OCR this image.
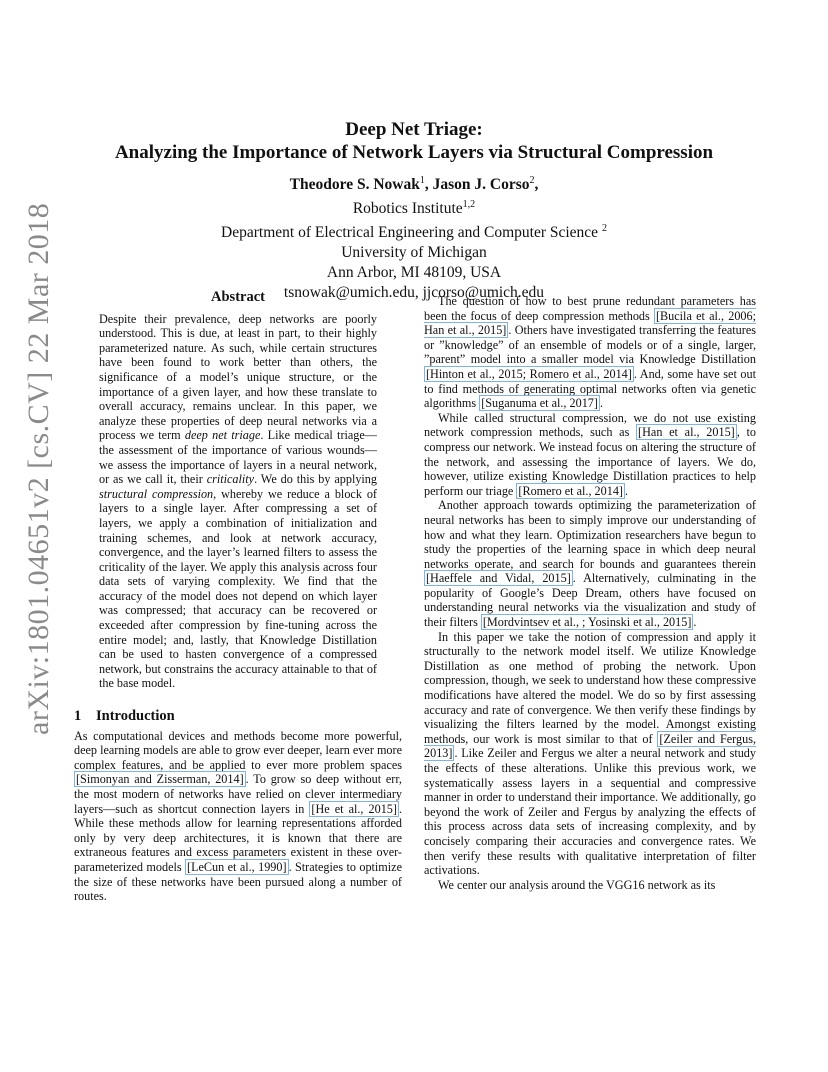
arXiv:1801.04651v2 [cs.CV] 22 Mar 2018
Deep Net Triage:
Analyzing the Importance of Network Layers via Structural Compression
Theodore S. Nowak$^1$, Jason J. Corso$^2$,
Robotics Institute$^{1,2}$
Department of Electrical Engineering and Computer Science $^2$
University of Michigan
Ann Arbor, MI 48109, USA
tsnowak@umich.edu, jjcorso@umich.edu
Abstract

Despite their prevalence, deep networks are poorly understood. This is due, at least in part, to their highly parameterized nature. As such, while certain structures have been found to work better than others, the significance of a model’s unique structure, or the importance of a given layer, and how these translate to overall accuracy, remains unclear. In this paper, we analyze these properties of deep neural networks via a process we term deep net triage. Like medical triage—the assessment of the importance of various wounds—we assess the importance of layers in a neural network, or as we call it, their criticality. We do this by applying structural compression, whereby we reduce a block of layers to a single layer. After compressing a set of layers, we apply a combination of initialization and training schemes, and look at network accuracy, convergence, and the layer’s learned filters to assess the criticality of the layer. We apply this analysis across four data sets of varying complexity. We find that the accuracy of the model does not depend on which layer was compressed; that accuracy can be recovered or exceeded after compression by fine-tuning across the entire model; and, lastly, that Knowledge Distillation can be used to hasten convergence of a compressed network, but constrains the accuracy attainable to that of the base model.

1 Introduction

As computational devices and methods become more powerful, deep learning models are able to grow ever deeper, learn ever more complex features, and be applied to ever more problem spaces [Simonyan and Zisserman, 2014] . To grow so deep without err, the most modern of networks have relied on clever intermediary layers—such as shortcut connection layers in [He et al., 2015] . While these methods allow for learning representations afforded only by very deep architectures, it is known that there are extraneous features and excess parameters existent in these over-parameterized models [LeCun et al., 1990] . Strategies to optimize the size of these networks have been pursued along a number of routes.

The question of how to best prune redundant parameters has been the focus of deep compression methods [Bucila et al., 2006; Han et al., 2015] . Others have investigated transferring the features or ”knowledge” of an ensemble of models or of a single, larger, ”parent” model into a smaller model via Knowledge Distillation [Hinton et al., 2015; Romero et al., 2014] . And, some have set out to find methods of generating optimal networks often via genetic algorithms [Suganuma et al., 2017] .

While called structural compression, we do not use existing network compression methods, such as [Han et al., 2015] , to compress our network. We instead focus on altering the structure of the network, and assessing the importance of layers. We do, however, utilize existing Knowledge Distillation practices to help perform our triage [Romero et al., 2014] .

Another approach towards optimizing the parameterization of neural networks has been to simply improve our understanding of how and what they learn. Optimization researchers have begun to study the properties of the learning space in which deep neural networks operate, and search for bounds and guarantees therein [Haeffele and Vidal, 2015] . Alternatively, culminating in the popularity of Google’s Deep Dream, others have focused on understanding neural networks via the visualization and study of their filters [Mordvintsev et al., ; Yosinski et al., 2015] .

In this paper we take the notion of compression and apply it structurally to the network model itself. We utilize Knowledge Distillation as one method of probing the network. Upon compression, though, we seek to understand how these compressive modifications have altered the model. We do so by first assessing accuracy and rate of convergence. We then verify these findings by visualizing the filters learned by the model. Amongst existing methods, our work is most similar to that of [Zeiler and Fergus, 2013] . Like Zeiler and Fergus we alter a neural network and study the effects of these alterations. Unlike this previous work, we systematically assess layers in a sequential and compressive manner in order to understand their importance. We additionally, go beyond the work of Zeiler and Fergus by analyzing the effects of this process across data sets of increasing complexity, and by concisely comparing their accuracies and convergence rates. We then verify these results with qualitative interpretation of filter activations.

We center our analysis around the VGG16 network as its
